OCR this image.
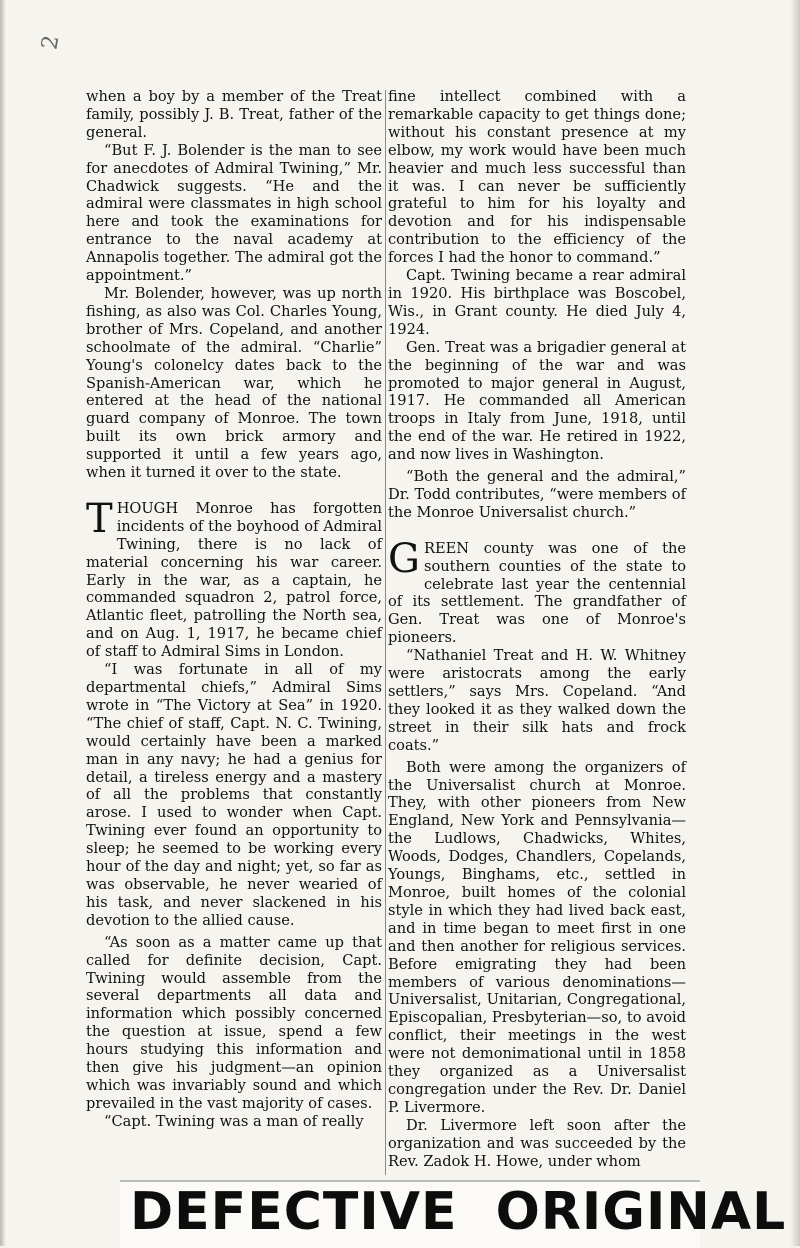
2

when a boy by a member of the Treat family, possibly J. B. Treat, father of the general.

“But F. J. Bolender is the man to see for anecdotes of Admiral Twining,” Mr. Chadwick suggests. “He and the admiral were classmates in high school here and took the examinations for entrance to the naval academy at Annapolis together. The admiral got the appointment.”

Mr. Bolender, however, was up north fishing, as also was Col. Charles Young, brother of Mrs. Copeland, and another schoolmate of the admiral. “Charlie” Young's colonelcy dates back to the Spanish-American war, which he entered at the head of the national guard company of Monroe. The town built its own brick armory and supported it until a few years ago, when it turned it over to the state.

THOUGH Monroe has forgotten incidents of the boyhood of Admiral Twining, there is no lack of material concerning his war career. Early in the war, as a captain, he commanded squadron 2, patrol force, Atlantic fleet, patrolling the North sea, and on Aug. 1, 1917, he became chief of staff to Admiral Sims in London.

“I was fortunate in all of my departmental chiefs,” Admiral Sims wrote in “The Victory at Sea” in 1920. “The chief of staff, Capt. N. C. Twining, would certainly have been a marked man in any navy; he had a genius for detail, a tireless energy and a mastery of all the problems that constantly arose. I used to wonder when Capt. Twining ever found an opportunity to sleep; he seemed to be working every hour of the day and night; yet, so far as was observable, he never wearied of his task, and never slackened in his devotion to the allied cause.

“As soon as a matter came up that called for definite decision, Capt. Twining would assemble from the several departments all data and information which possibly concerned the question at issue, spend a few hours studying this information and then give his judgment—an opinion which was invariably sound and which prevailed in the vast majority of cases.

“Capt. Twining was a man of really

fine intellect combined with a remarkable capacity to get things done; without his constant presence at my elbow, my work would have been much heavier and much less successful than it was. I can never be sufficiently grateful to him for his loyalty and devotion and for his indispensable contribution to the efficiency of the forces I had the honor to command.”

Capt. Twining became a rear admiral in 1920. His birthplace was Boscobel, Wis., in Grant county. He died July 4, 1924.

Gen. Treat was a brigadier general at the beginning of the war and was promoted to major general in August, 1917. He commanded all American troops in Italy from June, 1918, until the end of the war. He retired in 1922, and now lives in Washington.

“Both the general and the admiral,” Dr. Todd contributes, “were members of the Monroe Universalist church.”

GREEN county was one of the southern counties of the state to celebrate last year the centennial of its settlement. The grandfather of Gen. Treat was one of Monroe's pioneers.

“Nathaniel Treat and H. W. Whitney were aristocrats among the early settlers,” says Mrs. Copeland. “And they looked it as they walked down the street in their silk hats and frock coats.”

Both were among the organizers of the Universalist church at Monroe. They, with other pioneers from New England, New York and Pennsylvania—the Ludlows, Chadwicks, Whites, Woods, Dodges, Chandlers, Copelands, Youngs, Binghams, etc., settled in Monroe, built homes of the colonial style in which they had lived back east, and in time began to meet first in one and then another for religious services. Before emigrating they had been members of various denominations—Universalist, Unitarian, Congregational, Episcopalian, Presbyterian—so, to avoid conflict, their meetings in the west were not demonimational until in 1858 they organized as a Universalist congregation under the Rev. Dr. Daniel P. Livermore.

Dr. Livermore left soon after the organization and was succeeded by the Rev. Zadok H. Howe, under whom

DEFECTIVE  ORIGINAL
